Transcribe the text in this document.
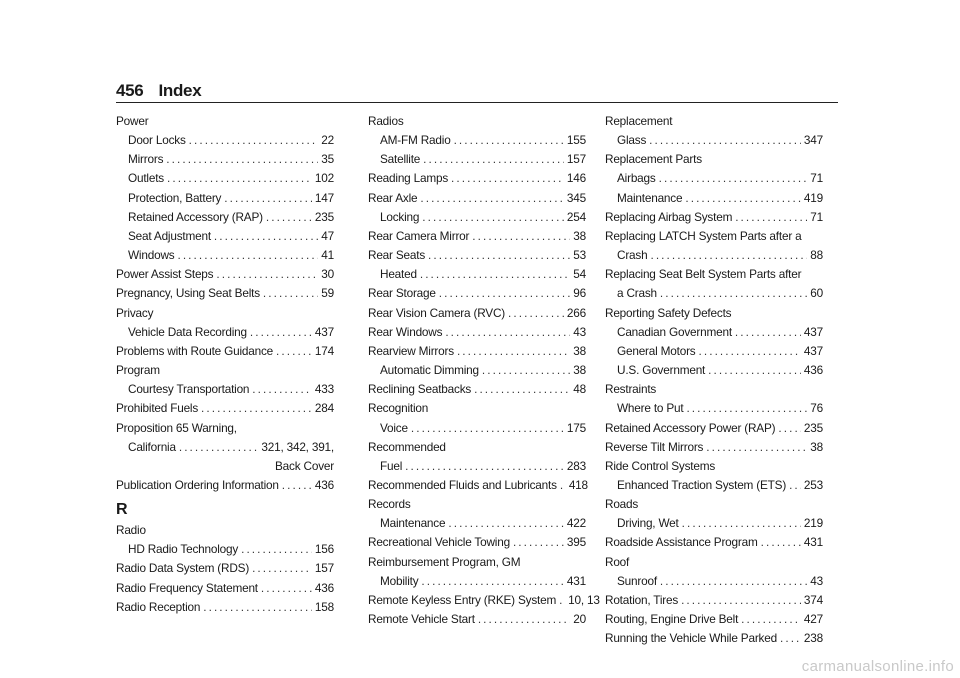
456 Index
Power
Door Locks . . .	22
Mirrors . . .	35
Outlets . . .	102
Protection, Battery . . .	147
Retained Accessory (RAP) . . .	235
Seat Adjustment . . .	47
Windows . . .	41
Power Assist Steps . . .	30
Pregnancy, Using Seat Belts . . .	59
Privacy
Vehicle Data Recording . . .	437
Problems with Route Guidance . . .	174
Program
Courtesy Transportation . . .	433
Prohibited Fuels . . .	284
Proposition 65 Warning,
California . . .	321, 342, 391,
Back Cover
Publication Ordering Information . . .	436
R
Radio
HD Radio Technology . . .	156
Radio Data System (RDS) . . .	157
Radio Frequency Statement . . .	436
Radio Reception . . .	158
Radios
AM-FM Radio . . .	155
Satellite . . .	157
Reading Lamps . . .	146
Rear Axle . . .	345
Locking . . .	254
Rear Camera Mirror . . .	38
Rear Seats . . .	53
Heated . . .	54
Rear Storage . . .	96
Rear Vision Camera (RVC) . . .	266
Rear Windows . . .	43
Rearview Mirrors . . .	38
Automatic Dimming . . .	38
Reclining Seatbacks . . .	48
Recognition
Voice . . .	175
Recommended
Fuel . . .	283
Recommended Fluids and Lubricants . . . 418
Records
Maintenance . . .	422
Recreational Vehicle Towing . . .	395
Reimbursement Program, GM
Mobility . . .	431
Remote Keyless Entry (RKE) System . . . 10, 13
Remote Vehicle Start . . .	20
Replacement
Glass . . .	347
Replacement Parts
Airbags . . .	71
Maintenance . . .	419
Replacing Airbag System . . .	71
Replacing LATCH System Parts after a
Crash . . .	88
Replacing Seat Belt System Parts after
a Crash . . .	60
Reporting Safety Defects
Canadian Government . . .	437
General Motors . . .	437
U.S. Government . . .	436
Restraints
Where to Put . . .	76
Retained Accessory Power (RAP) . . . 235
Reverse Tilt Mirrors . . .	38
Ride Control Systems
Enhanced Traction System (ETS) . . . 253
Roads
Driving, Wet . . .	219
Roadside Assistance Program . . .	431
Roof
Sunroof . . .	43
Rotation, Tires . . .	374
Routing, Engine Drive Belt . . .	427
Running the Vehicle While Parked . . . 238
carmanualsonline.info
